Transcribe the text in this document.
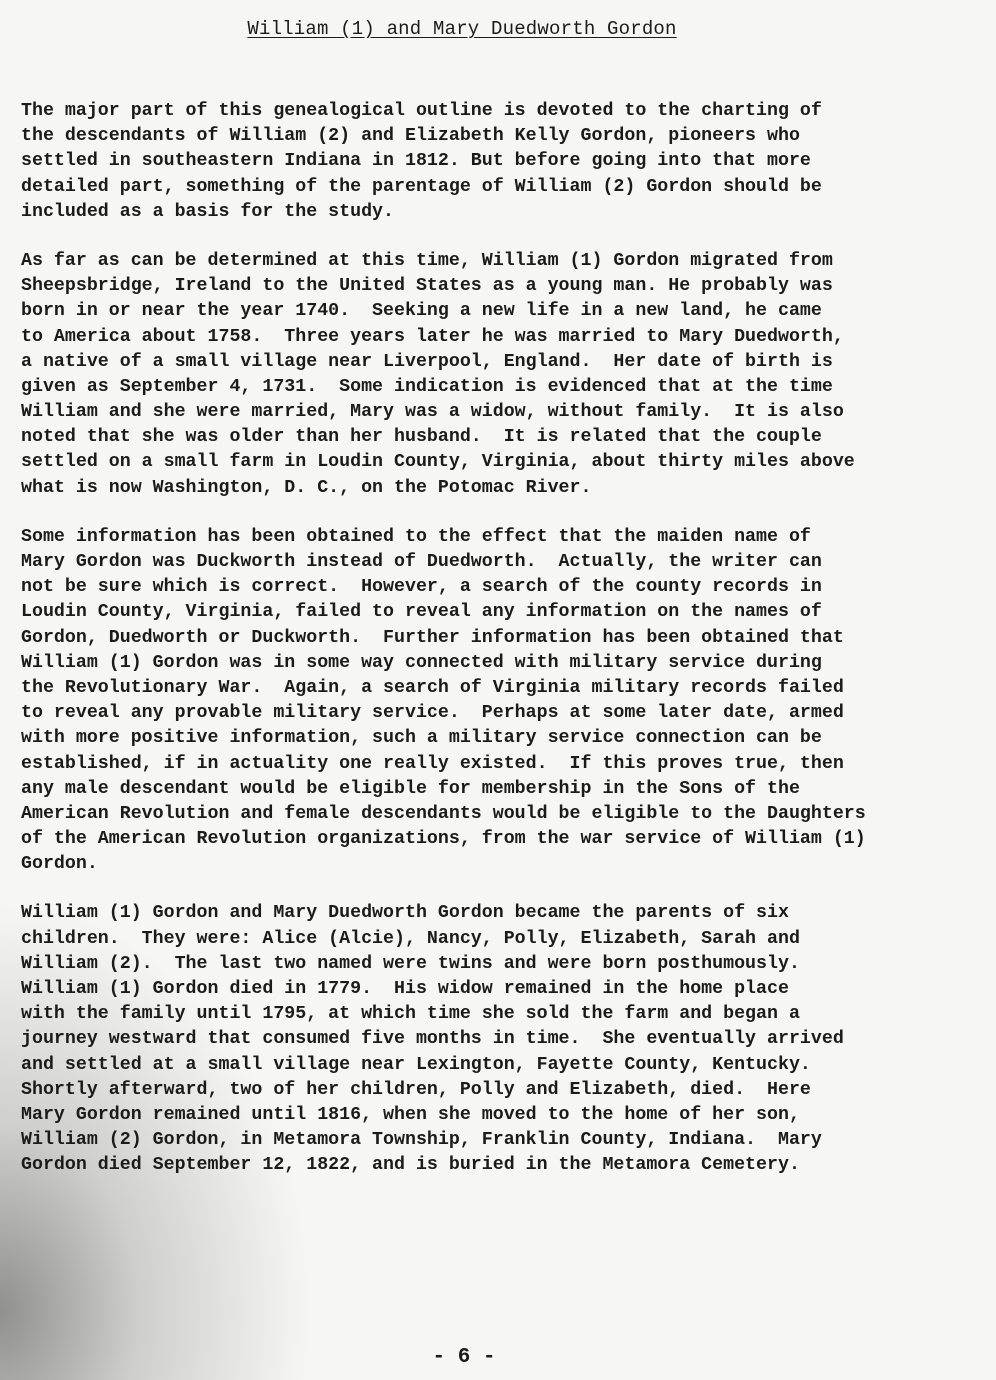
William (1) and Mary Duedworth Gordon
The major part of this genealogical outline is devoted to the charting of
the descendants of William (2) and Elizabeth Kelly Gordon, pioneers who
settled in southeastern Indiana in 1812. But before going into that more
detailed part, something of the parentage of William (2) Gordon should be
included as a basis for the study.
As far as can be determined at this time, William (1) Gordon migrated from
Sheepsbridge, Ireland to the United States as a young man. He probably was
born in or near the year 1740.  Seeking a new life in a new land, he came
to America about 1758.  Three years later he was married to Mary Duedworth,
a native of a small village near Liverpool, England.  Her date of birth is
given as September 4, 1731.  Some indication is evidenced that at the time
William and she were married, Mary was a widow, without family.  It is also
noted that she was older than her husband.  It is related that the couple
settled on a small farm in Loudin County, Virginia, about thirty miles above
what is now Washington, D. C., on the Potomac River.
Some information has been obtained to the effect that the maiden name of
Mary Gordon was Duckworth instead of Duedworth.  Actually, the writer can
not be sure which is correct.  However, a search of the county records in
Loudin County, Virginia, failed to reveal any information on the names of
Gordon, Duedworth or Duckworth.  Further information has been obtained that
William (1) Gordon was in some way connected with military service during
the Revolutionary War.  Again, a search of Virginia military records failed
to reveal any provable military service.  Perhaps at some later date, armed
with more positive information, such a military service connection can be
established, if in actuality one really existed.  If this proves true, then
any male descendant would be eligible for membership in the Sons of the
American Revolution and female descendants would be eligible to the Daughters
of the American Revolution organizations, from the war service of William (1)
Gordon.
William (1) Gordon and Mary Duedworth Gordon became the parents of six
children.  They were: Alice (Alcie), Nancy, Polly, Elizabeth, Sarah and
William (2).  The last two named were twins and were born posthumously.
William (1) Gordon died in 1779.  His widow remained in the home place
with the family until 1795, at which time she sold the farm and began a
journey westward that consumed five months in time.  She eventually arrived
and settled at a small village near Lexington, Fayette County, Kentucky.
Shortly afterward, two of her children, Polly and Elizabeth, died.  Here
Mary Gordon remained until 1816, when she moved to the home of her son,
William (2) Gordon, in Metamora Township, Franklin County, Indiana.  Mary
Gordon died September 12, 1822, and is buried in the Metamora Cemetery.
- 6 -
